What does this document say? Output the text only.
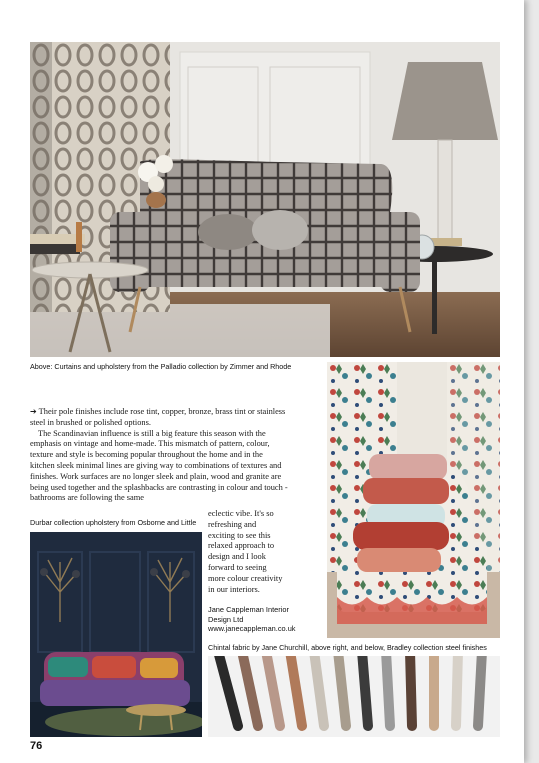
Above: Curtains and upholstery from the Palladio collection by Zimmer and Rhode

➔ Their pole finishes include rose tint, copper, bronze, brass tint or stainless steel in brushed or polished options.

The Scandinavian influence is still a big feature this season with the emphasis on vintage and home-made. This mismatch of pattern, colour, texture and style is becoming popular throughout the home and in the kitchen sleek minimal lines are giving way to combinations of textures and finishes. Work surfaces are no longer sleek and plain, wood and granite are being used together and the splashbacks are contrasting in colour and touch - bathrooms are following the same

eclectic vibe. It's so
refreshing and
exciting to see this
relaxed approach to
design and I look
forward to seeing
more colour creativity
in our interiors.
Durbar collection upholstery from Osborne and Little
Jane Cappleman Interior
Design Ltd
www.janecappleman.co.uk
Chintal fabric by Jane Churchill, above right, and below, Bradley collection steel finishes
76
